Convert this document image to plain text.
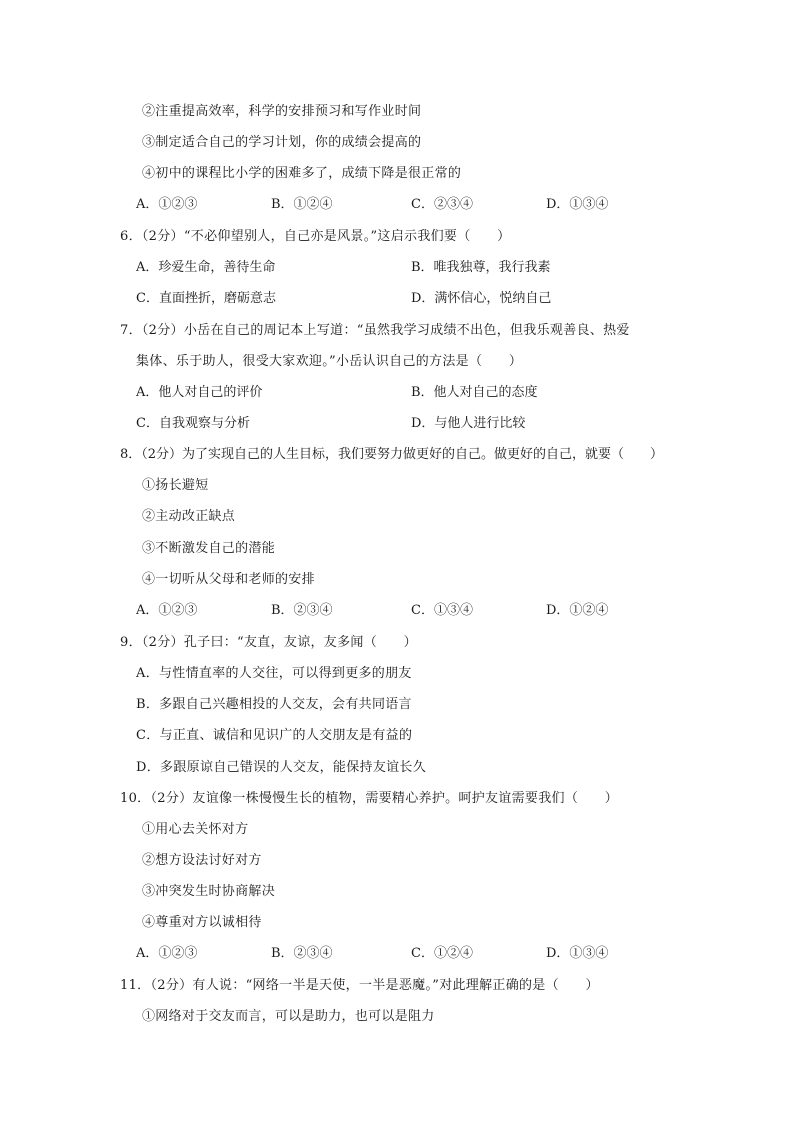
②注重提高效率，科学的安排预习和写作业时间
③制定适合自己的学习计划，你的成绩会提高的
④初中的课程比小学的困难多了，成绩下降是很正常的
A．①②③	B．①②④	C．②③④	D．①③④
6．（2分）“不必仰望别人，自己亦是风景。”这启示我们要（　　）
A．珍爱生命，善待生命	B．唯我独尊，我行我素
C．直面挫折，磨砺意志	D．满怀信心，悦纳自己
7．（2分）小岳在自己的周记本上写道：“虽然我学习成绩不出色，但我乐观善良、热爱
集体、乐于助人，很受大家欢迎。”小岳认识自己的方法是（　　）
A．他人对自己的评价	B．他人对自己的态度
C．自我观察与分析	D．与他人进行比较
8．（2分）为了实现自己的人生目标，我们要努力做更好的自己。做更好的自己，就要（　　）
①扬长避短
②主动改正缺点
③不断激发自己的潜能
④一切听从父母和老师的安排
A．①②③	B．②③④	C．①③④	D．①②④
9．（2分）孔子曰：“友直，友谅，友多闻（　　）
A．与性情直率的人交往，可以得到更多的朋友
B．多跟自己兴趣相投的人交友，会有共同语言
C．与正直、诚信和见识广的人交朋友是有益的
D．多跟原谅自己错误的人交友，能保持友谊长久
10．（2分）友谊像一株慢慢生长的植物，需要精心养护。呵护友谊需要我们（　　）
①用心去关怀对方
②想方设法讨好对方
③冲突发生时协商解决
④尊重对方以诚相待
A．①②③	B．②③④	C．①②④	D．①③④
11．（2分）有人说：“网络一半是天使，一半是恶魔。”对此理解正确的是（　　）
①网络对于交友而言，可以是助力，也可以是阻力
